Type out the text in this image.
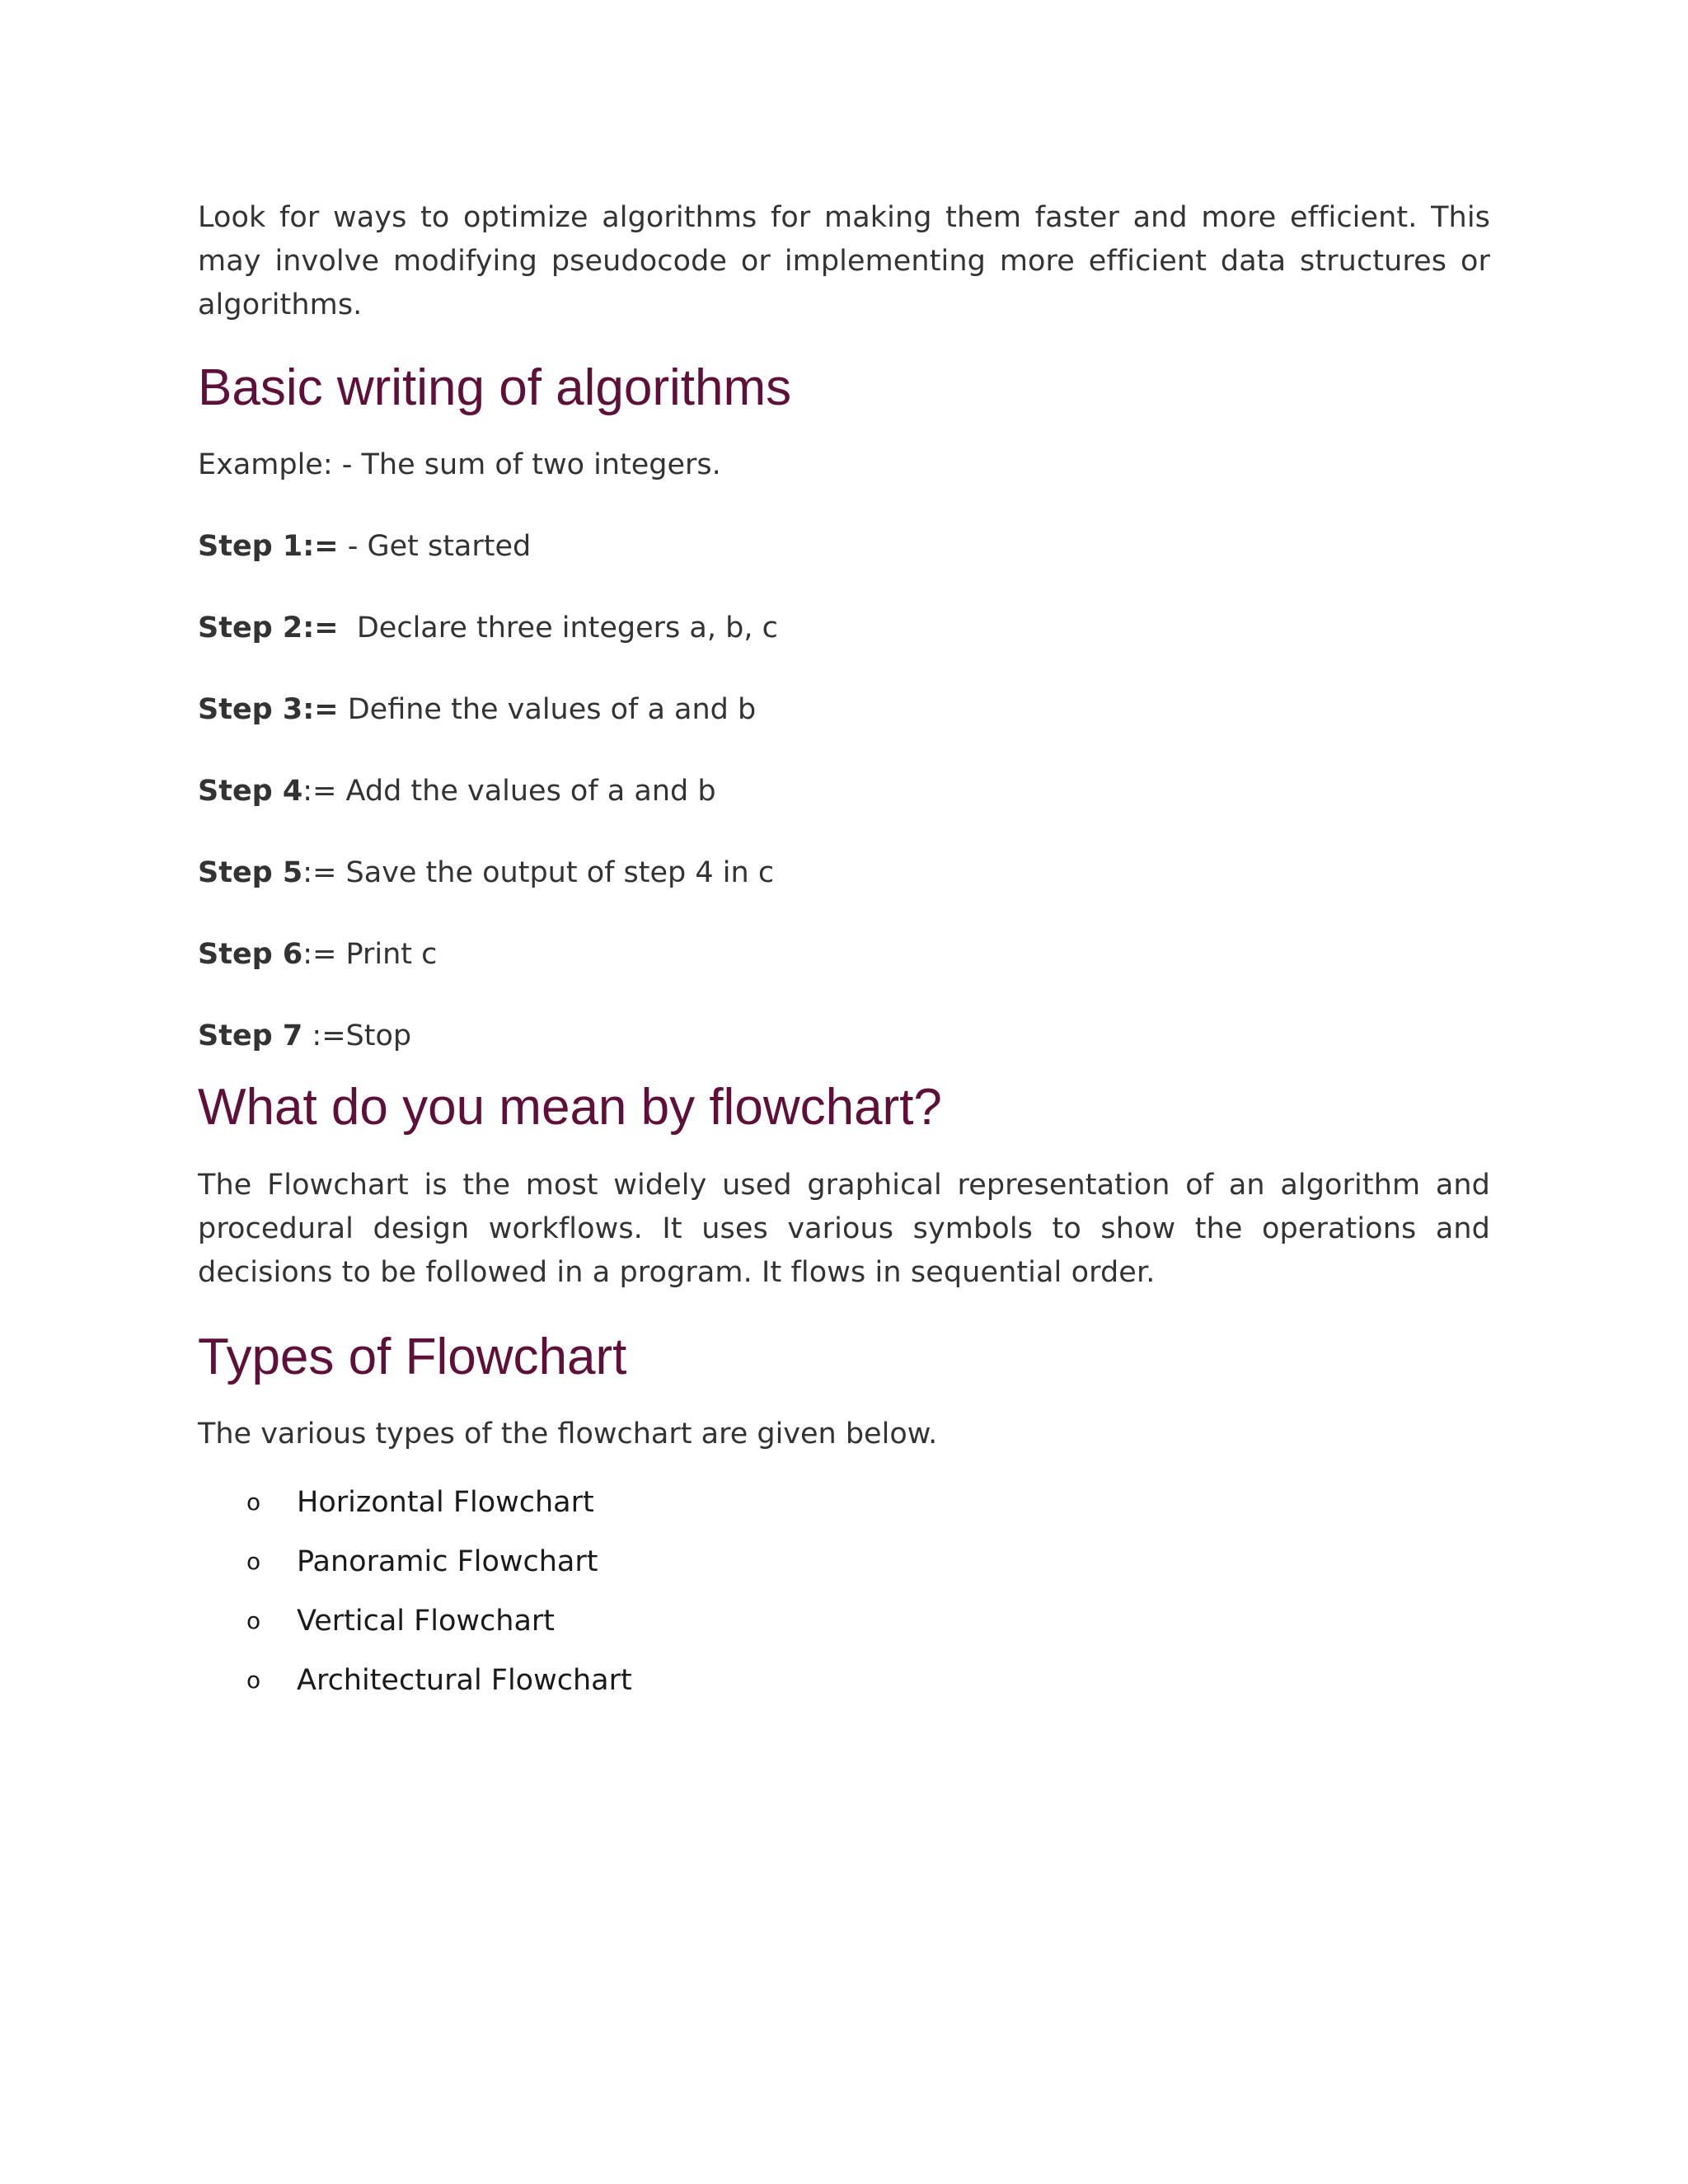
Look for ways to optimize algorithms for making them faster and more efficient. This may involve modifying pseudocode or implementing more efficient data structures or algorithms.

Basic writing of algorithms

Example: - The sum of two integers.

Step 1:= - Get started

Step 2:=  Declare three integers a, b, c

Step 3:= Define the values of a and b

Step 4:= Add the values of a and b

Step 5:= Save the output of step 4 in c

Step 6:= Print c

Step 7 :=Stop

What do you mean by flowchart?

The Flowchart is the most widely used graphical representation of an algorithm and procedural design workflows. It uses various symbols to show the operations and decisions to be followed in a program. It flows in sequential order.

Types of Flowchart

The various types of the flowchart are given below.

o Horizontal Flowchart
o Panoramic Flowchart
o Vertical Flowchart
o Architectural Flowchart
